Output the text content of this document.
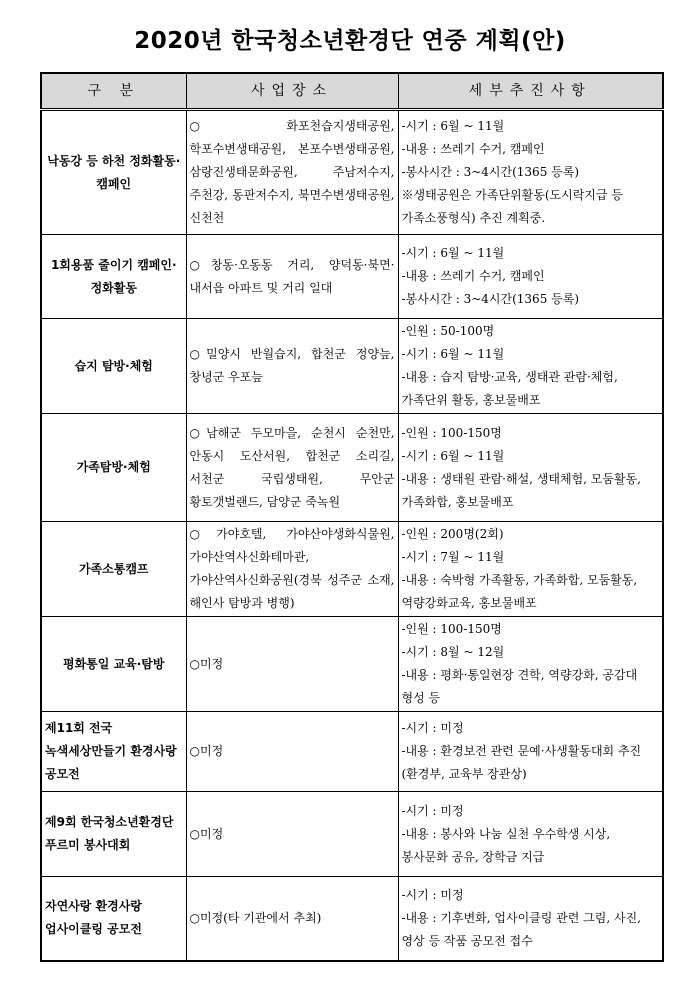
2020년 한국청소년환경단 연중 계획(안)
구 분	사업장소	세부추진사항
낙동강 등 하천 정화활동·캠페인	○화포천습지생태공원, 학포수변생태공원, 본포수변생태공원, 삼랑진생태문화공원, 주남저수지, 주천강, 동판저수지, 북면수변생태공원, 신천천	-시기 : 6월 ~ 11월
-내용 : 쓰레기 수거, 캠페인
-봉사시간 : 3~4시간(1365 등록)
※생태공원은 가족단위활동(도시락지급 등 가족소풍형식) 추진 계획중.

1회용품 줄이기 캠페인·정화활동	○창동·오동동 거리, 양덕동·북면·내서읍 아파트 및 거리 일대	-시기 : 6월 ~ 11월
-내용 : 쓰레기 수거, 캠페인
-봉사시간 : 3~4시간(1365 등록)

습지 탐방·체험	○밀양시 반월습지, 합천군 정양늪, 창녕군 우포늪	-인원 : 50-100명
-시기 : 6월 ~ 11월
-내용 : 습지 탐방·교육, 생태관 관람·체험, 가족단위 활동, 홍보물배포

가족탐방·체험	○남해군 두모마을, 순천시 순천만, 안동시 도산서원, 합천군 소리길, 서천군 국립생태원, 무안군 황토갯벌랜드, 담양군 죽녹원	-인원 : 100-150명
-시기 : 6월 ~ 11월
-내용 : 생태원 관람·해설, 생태체험, 모둠활동, 가족화합, 홍보물배포

가족소통캠프	○가야호텔, 가야산야생화식물원, 가야산역사신화테마관, 가야산역사신화공원(경북 성주군 소재, 해인사 탐방과 병행)	-인원 : 200명(2회)
-시기 : 7월 ~ 11월
-내용 : 숙박형 가족활동, 가족화합, 모둠활동, 역량강화교육, 홍보물배포

평화통일 교육·탐방	○미정	-인원 : 100-150명
-시기 : 8월 ~ 12월
-내용 : 평화·통일현장 견학, 역량강화, 공감대 형성 등

제11회 전국 녹색세상만들기 환경사랑 공모전	○미정	-시기 : 미정
-내용 : 환경보전 관련 문예·사생활동대회 추진(환경부, 교육부 장관상)

제9회 한국청소년환경단 푸르미 봉사대회	○미정	-시기 : 미정
-내용 : 봉사와 나눔 실천 우수학생 시상, 봉사문화 공유, 장학금 지급

자연사랑 환경사랑 업사이클링 공모전	○미정(타 기관에서 추최)	-시기 : 미정
-내용 : 기후변화, 업사이클링 관련 그림, 사진, 영상 등 작품 공모전 접수
